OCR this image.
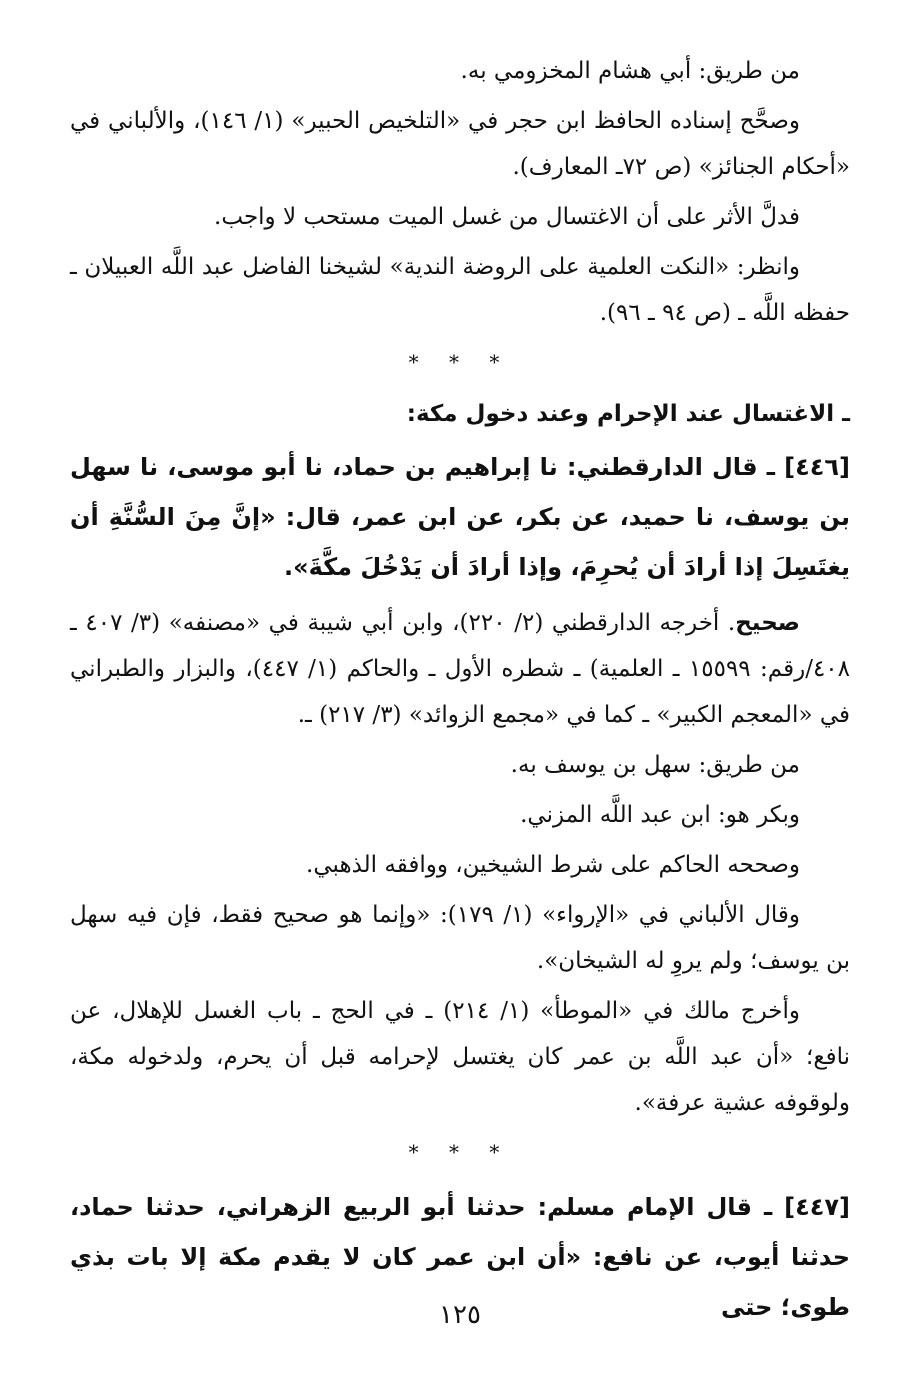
من طريق: أبي هشام المخزومي به.

وصحَّح إسناده الحافظ ابن حجر في «التلخيص الحبير» (١/ ١٤٦)، والألباني في «أحكام الجنائز» (ص ٧٢ـ المعارف).

فدلَّ الأثر على أن الاغتسال من غسل الميت مستحب لا واجب.

وانظر: «النكت العلمية على الروضة الندية» لشيخنا الفاضل عبد اللَّه العبيلان ـ حفظه اللَّه ـ (ص ٩٤ ـ ٩٦).

* * *
ـ الاغتسال عند الإحرام وعند دخول مكة:

[٤٤٦] ـ قال الدارقطني: نا إبراهيم بن حماد، نا أبو موسى، نا سهل بن يوسف، نا حميد، عن بكر، عن ابن عمر، قال: «إنَّ مِنَ السُّنَّةِ أن يغتَسِلَ إذا أرادَ أن يُحرِمَ، وإذا أرادَ أن يَدْخُلَ مكَّةَ».

صحيح. أخرجه الدارقطني (٢/ ٢٢٠)، وابن أبي شيبة في «مصنفه» (٣/ ٤٠٧ ـ ٤٠٨/رقم: ١٥٥٩٩ ـ العلمية) ـ شطره الأول ـ والحاكم (١/ ٤٤٧)، والبزار والطبراني في «المعجم الكبير» ـ كما في «مجمع الزوائد» (٣/ ٢١٧) ـ.

من طريق: سهل بن يوسف به.

وبكر هو: ابن عبد اللَّه المزني.

وصححه الحاكم على شرط الشيخين، ووافقه الذهبي.

وقال الألباني في «الإرواء» (١/ ١٧٩): «وإنما هو صحيح فقط، فإن فيه سهل بن يوسف؛ ولم يروِ له الشيخان».

وأخرج مالك في «الموطأ» (١/ ٢١٤) ـ في الحج ـ باب الغسل للإهلال، عن نافع؛ «أن عبد اللَّه بن عمر كان يغتسل لإحرامه قبل أن يحرم، ولدخوله مكة، ولوقوفه عشية عرفة».

* * *

[٤٤٧] ـ قال الإمام مسلم: حدثنا أبو الربيع الزهراني، حدثنا حماد، حدثنا أيوب، عن نافع: «أن ابن عمر كان لا يقدم مكة إلا بات بذي طوى؛ حتى

١٢٥
